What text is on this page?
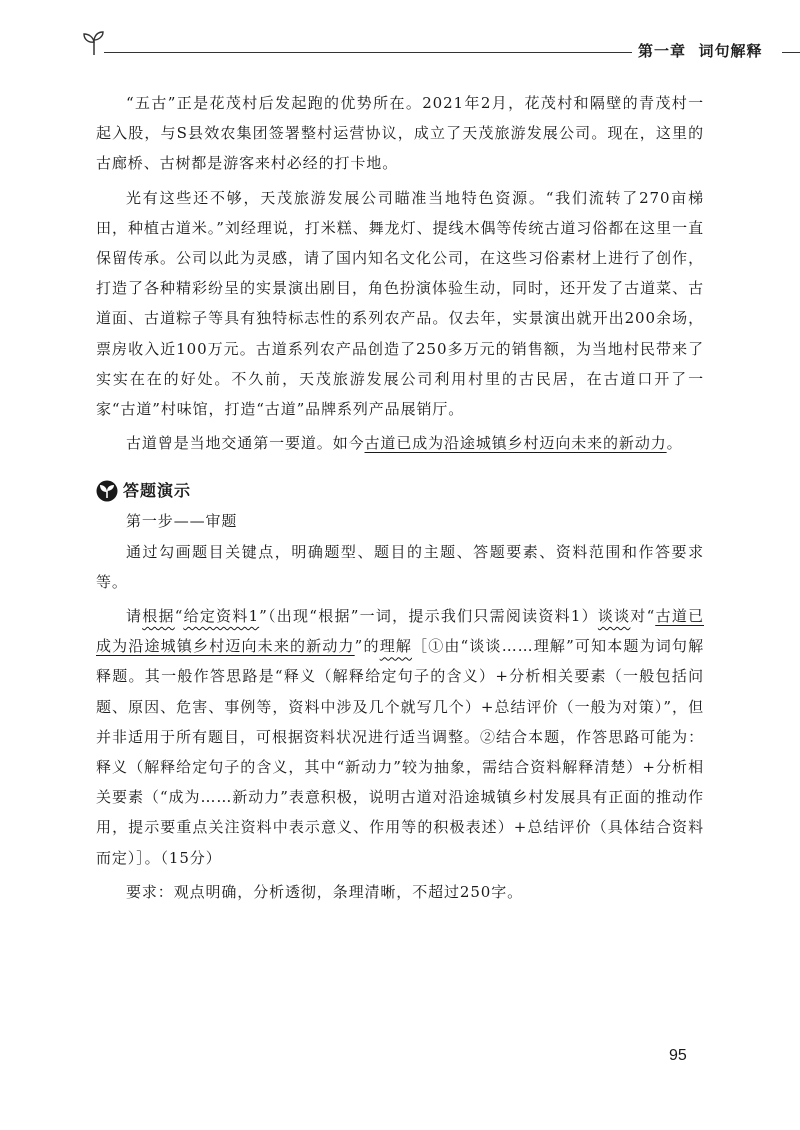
第一章 词句解释

“五古”正是花茂村后发起跑的优势所在。2021年2月，花茂村和隔壁的青茂村一起入股，与S县效农集团签署整村运营协议，成立了天茂旅游发展公司。现在，这里的古廊桥、古树都是游客来村必经的打卡地。

光有这些还不够，天茂旅游发展公司瞄准当地特色资源。“我们流转了270亩梯田，种植古道米。”刘经理说，打米糕、舞龙灯、提线木偶等传统古道习俗都在这里一直保留传承。公司以此为灵感，请了国内知名文化公司，在这些习俗素材上进行了创作，打造了各种精彩纷呈的实景演出剧目，角色扮演体验生动，同时，还开发了古道菜、古道面、古道粽子等具有独特标志性的系列农产品。仅去年，实景演出就开出200余场，票房收入近100万元。古道系列农产品创造了250多万元的销售额，为当地村民带来了实实在在的好处。不久前，天茂旅游发展公司利用村里的古民居，在古道口开了一家“古道”村味馆，打造“古道”品牌系列产品展销厅。

古道曾是当地交通第一要道。如今古道已成为沿途城镇乡村迈向未来的新动力。

答题演示

第一步——审题

通过勾画题目关键点，明确题型、题目的主题、答题要素、资料范围和作答要求等。

请根据“给定资料1”（出现“根据”一词，提示我们只需阅读资料1）谈谈对“古道已成为沿途城镇乡村迈向未来的新动力”的理解［①由“谈谈……理解”可知本题为词句解释题。其一般作答思路是“释义（解释给定句子的含义）+分析相关要素（一般包括问题、原因、危害、事例等，资料中涉及几个就写几个）+总结评价（一般为对策）”，但并非适用于所有题目，可根据资料状况进行适当调整。②结合本题，作答思路可能为：释义（解释给定句子的含义，其中“新动力”较为抽象，需结合资料解释清楚）+分析相关要素（“成为……新动力”表意积极，说明古道对沿途城镇乡村发展具有正面的推动作用，提示要重点关注资料中表示意义、作用等的积极表述）+总结评价（具体结合资料而定）］。（15分）

要求：观点明确，分析透彻，条理清晰，不超过250字。

95
